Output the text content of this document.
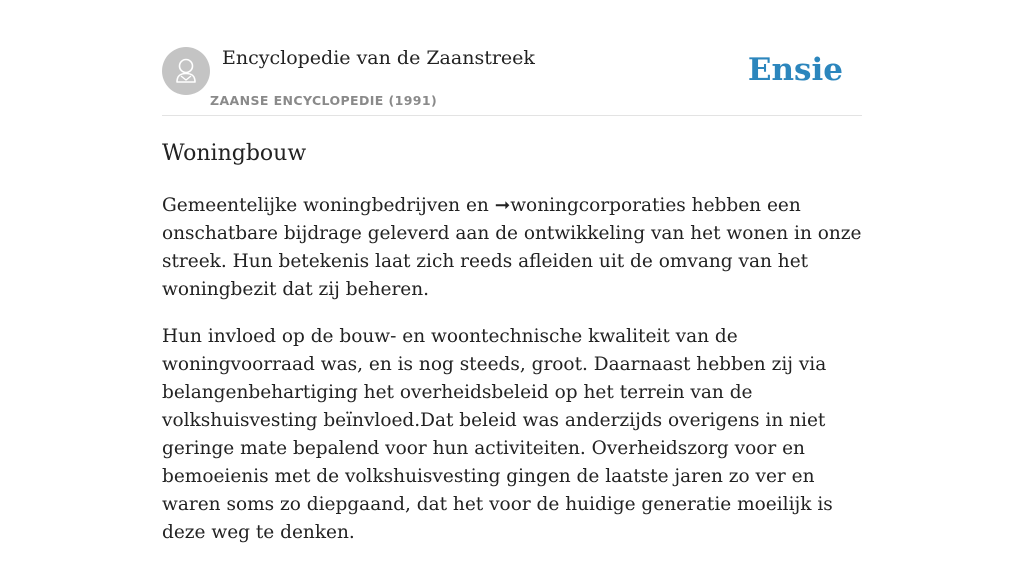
Encyclopedie van de Zaanstreek
ZAANSE ENCYCLOPEDIE (1991)
Ensie
Woningbouw

Gemeentelijke woningbedrijven en ➞woningcorporaties hebben een onschatbare bijdrage geleverd aan de ontwikkeling van het wonen in onze streek. Hun betekenis laat zich reeds afleiden uit de omvang van het woningbezit dat zij beheren.

Hun invloed op de bouw- en woontechnische kwaliteit van de woningvoorraad was, en is nog steeds, groot. Daarnaast hebben zij via belangenbehartiging het overheidsbeleid op het terrein van de volkshuisvesting beïnvloed.Dat beleid was anderzijds overigens in niet geringe mate bepalend voor hun activiteiten. Overheidszorg voor en bemoeienis met de volkshuisvesting gingen de laatste jaren zo ver en waren soms zo diepgaand, dat het voor de huidige generatie moeilijk is deze weg te denken.
